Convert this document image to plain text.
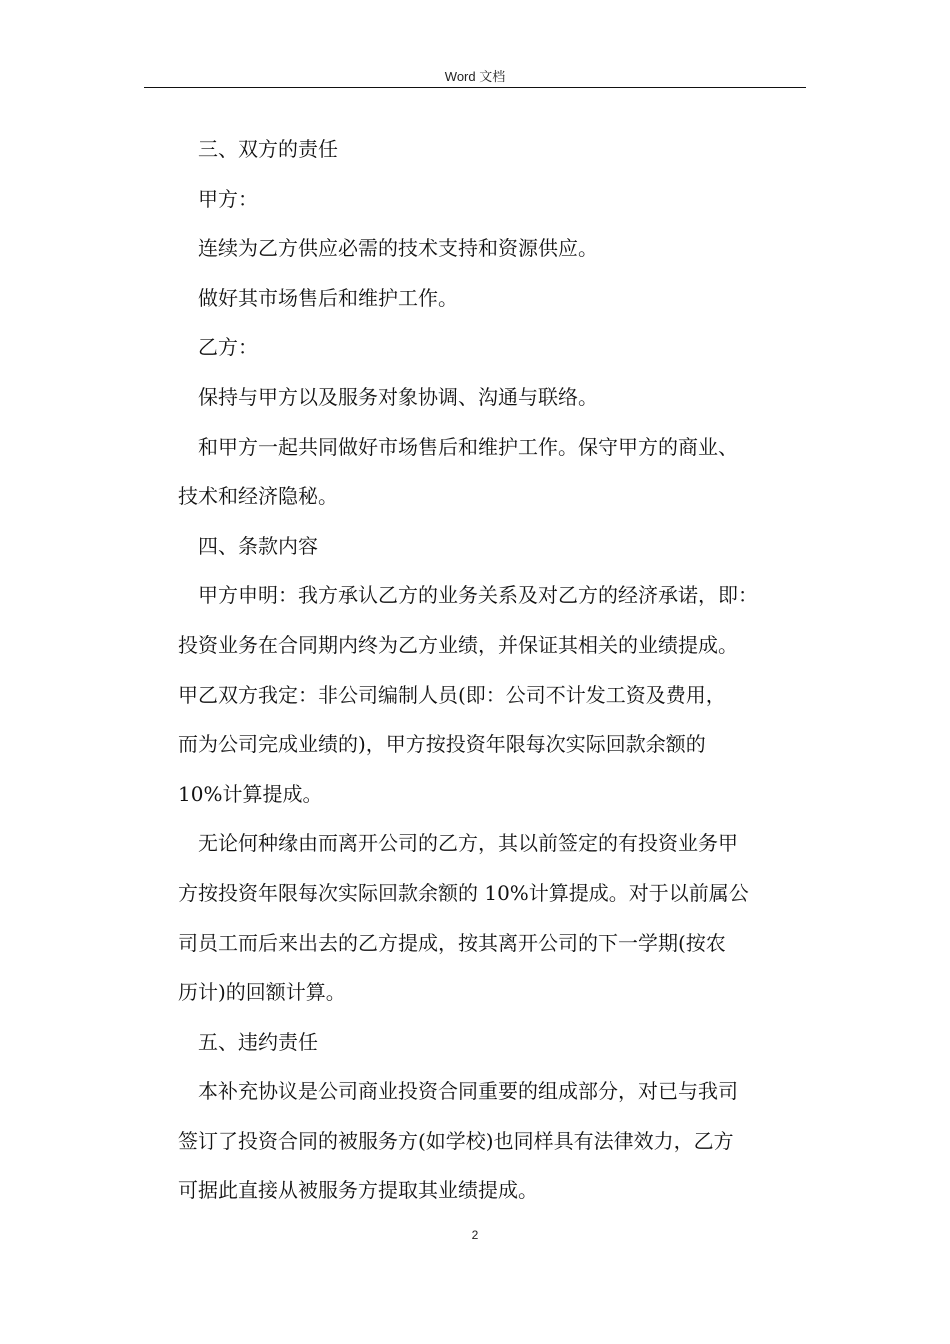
Word 文档

三、双方的责任

甲方：

连续为乙方供应必需的技术支持和资源供应。

做好其市场售后和维护工作。

乙方：

保持与甲方以及服务对象协调、沟通与联络。

和甲方一起共同做好市场售后和维护工作。保守甲方的商业、
技术和经济隐秘。

四、条款内容

甲方申明：我方承认乙方的业务关系及对乙方的经济承诺，即：
投资业务在合同期内终为乙方业绩，并保证其相关的业绩提成。
甲乙双方我定：非公司编制人员(即：公司不计发工资及费用，
而为公司完成业绩的)，甲方按投资年限每次实际回款余额的
10%计算提成。

无论何种缘由而离开公司的乙方，其以前签定的有投资业务甲
方按投资年限每次实际回款余额的 10%计算提成。对于以前属公
司员工而后来出去的乙方提成，按其离开公司的下一学期(按农
历计)的回额计算。

五、违约责任

本补充协议是公司商业投资合同重要的组成部分，对已与我司
签订了投资合同的被服务方(如学校)也同样具有法律效力，乙方
可据此直接从被服务方提取其业绩提成。

2
